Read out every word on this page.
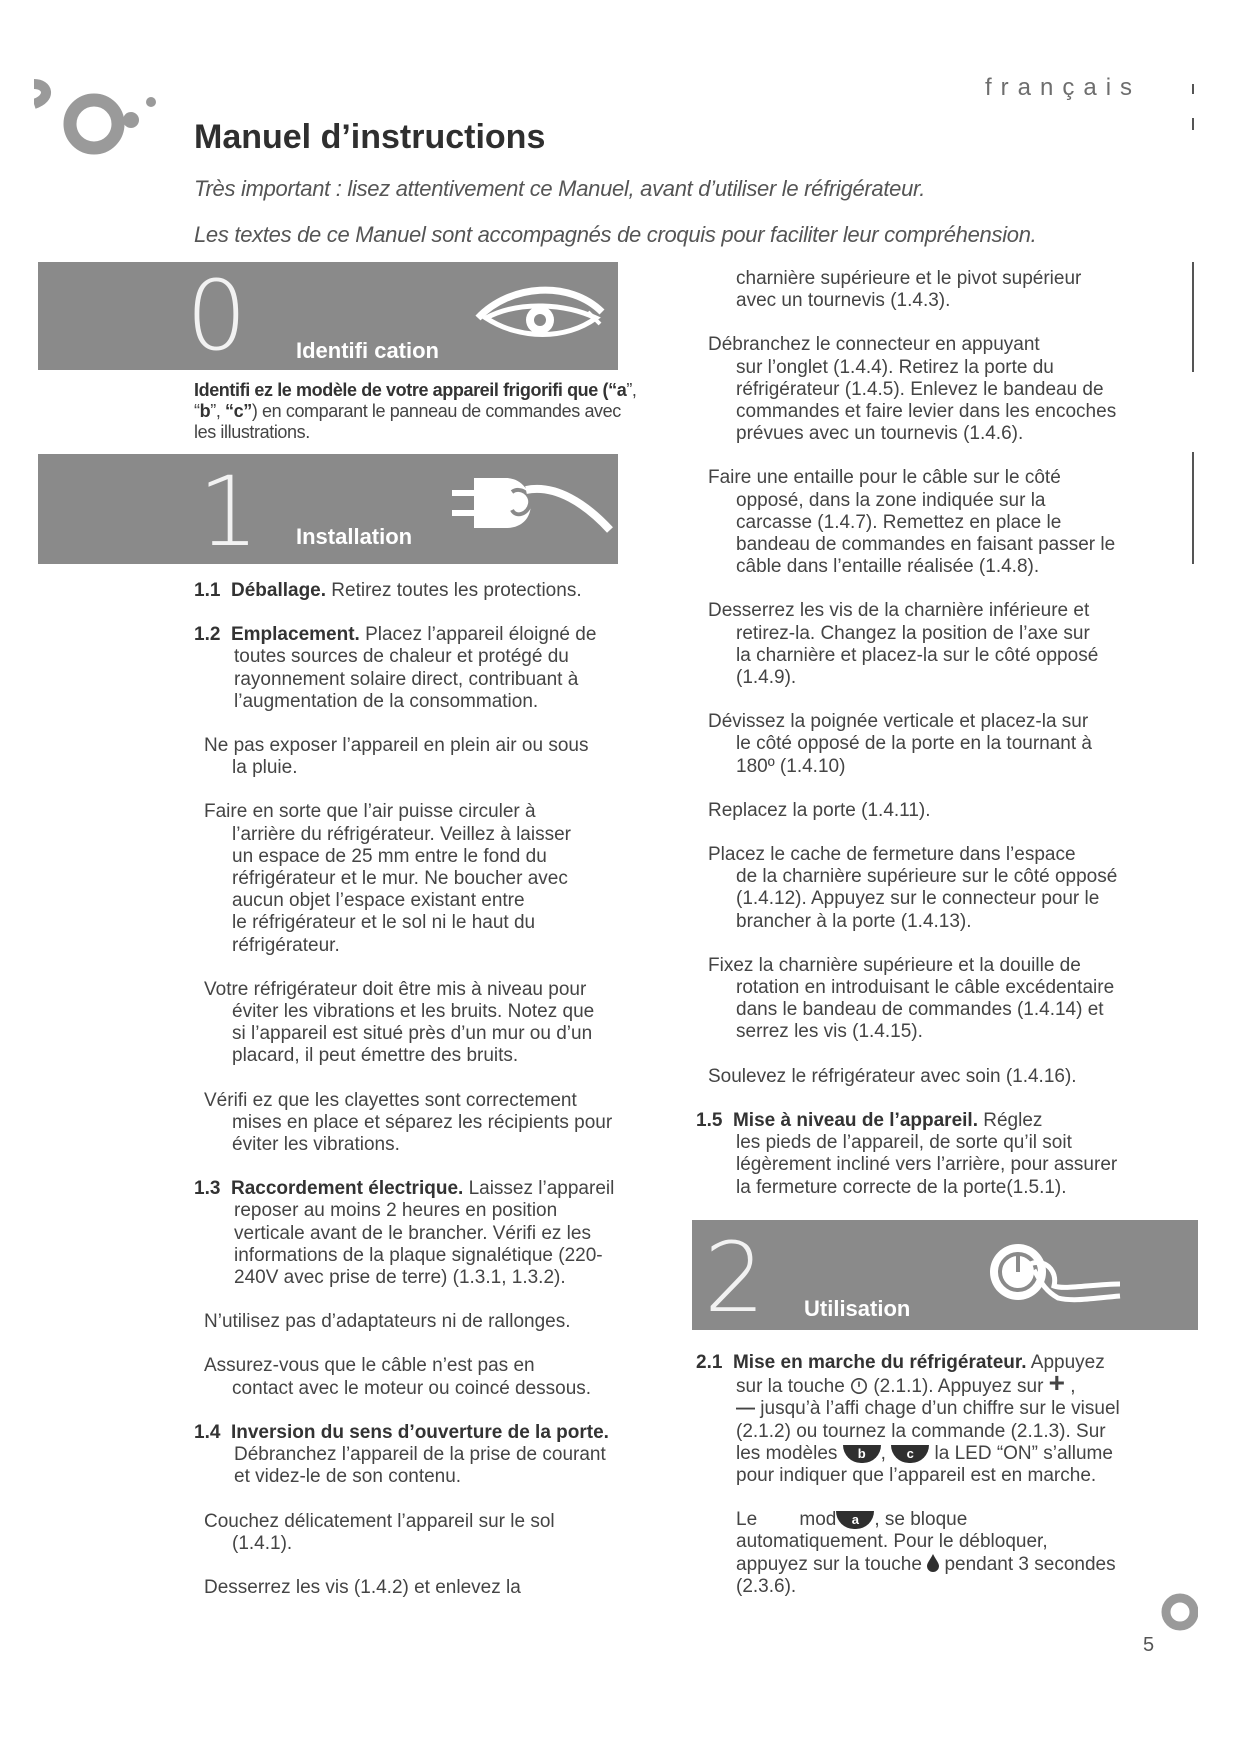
français
Manuel d’instructions
Très important : lisez attentivement ce Manuel, avant d’utiliser le réfrigérateur.
Les textes de ce Manuel sont accompagnés de croquis pour faciliter leur compréhension.
0 Identifi cation

Identifi ez le modèle de votre appareil frigorifi que (“a”,

“b”, “c”) en comparant le panneau de commandes avec

les illustrations.

1 Installation

1.1 Déballage. Retirez toutes les protections.

1.2 Emplacement. Placez l’appareil éloigné de

toutes sources de chaleur et protégé du

rayonnement solaire direct, contribuant à

l’augmentation de la consommation.

Ne pas exposer l’appareil en plein air ou sous

la pluie.

Faire en sorte que l’air puisse circuler à

l’arrière du réfrigérateur. Veillez à laisser

un espace de 25 mm entre le fond du

réfrigérateur et le mur. Ne boucher avec

aucun objet l’espace existant entre

le réfrigérateur et le sol ni le haut du

réfrigérateur.

Votre réfrigérateur doit être mis à niveau pour

éviter les vibrations et les bruits. Notez que

si l’appareil est situé près d’un mur ou d’un

placard, il peut émettre des bruits.

Vérifi ez que les clayettes sont correctement

mises en place et séparez les récipients pour

éviter les vibrations.

1.3 Raccordement électrique. Laissez l’appareil

reposer au moins 2 heures en position

verticale avant de le brancher. Vérifi ez les

informations de la plaque signalétique (220-

240V avec prise de terre) (1.3.1, 1.3.2).

N’utilisez pas d’adaptateurs ni de rallonges.

Assurez-vous que le câble n’est pas en

contact avec le moteur ou coincé dessous.

1.4 Inversion du sens d’ouverture de la porte.

Débranchez l’appareil de la prise de courant

et videz-le de son contenu.

Couchez délicatement l’appareil sur le sol

(1.4.1).

Desserrez les vis (1.4.2) et enlevez la

charnière supérieure et le pivot supérieur

avec un tournevis (1.4.3).

Débranchez le connecteur en appuyant

sur l’onglet (1.4.4). Retirez la porte du

réfrigérateur (1.4.5). Enlevez le bandeau de

commandes et faire levier dans les encoches

prévues avec un tournevis (1.4.6).

Faire une entaille pour le câble sur le côté

opposé, dans la zone indiquée sur la

carcasse (1.4.7). Remettez en place le

bandeau de commandes en faisant passer le

câble dans l’entaille réalisée (1.4.8).

Desserrez les vis de la charnière inférieure et

retirez-la. Changez la position de l’axe sur

la charnière et placez-la sur le côté opposé

(1.4.9).

Dévissez la poignée verticale et placez-la sur

le côté opposé de la porte en la tournant à

180º (1.4.10)

Replacez la porte (1.4.11).

Placez le cache de fermeture dans l’espace

de la charnière supérieure sur le côté opposé

(1.4.12). Appuyez sur le connecteur pour le

brancher à la porte (1.4.13).

Fixez la charnière supérieure et la douille de

rotation en introduisant le câble excédentaire

dans le bandeau de commandes (1.4.14) et

serrez les vis (1.4.15).

Soulevez le réfrigérateur avec soin (1.4.16).

1.5 Mise à niveau de l’appareil. Réglez

les pieds de l’appareil, de sorte qu’il soit

légèrement incliné vers l’arrière, pour assurer

la fermeture correcte de la porte(1.5.1).

2 Utilisation

2.1 Mise en marche du réfrigérateur. Appuyez

sur la touche  (2.1.1). Appuyez sur + ,

— jusqu’à l’affi chage d’un chiffre sur le visuel

(2.1.2) ou tournez la commande (2.1.3). Sur

les modèles b , c la LED “ON” s’allume

pour indiquer que l’appareil est en marche.

Le        mod a , se bloque

automatiquement. Pour le débloquer,

appuyez sur la touche  pendant 3 secondes

(2.3.6).

5
